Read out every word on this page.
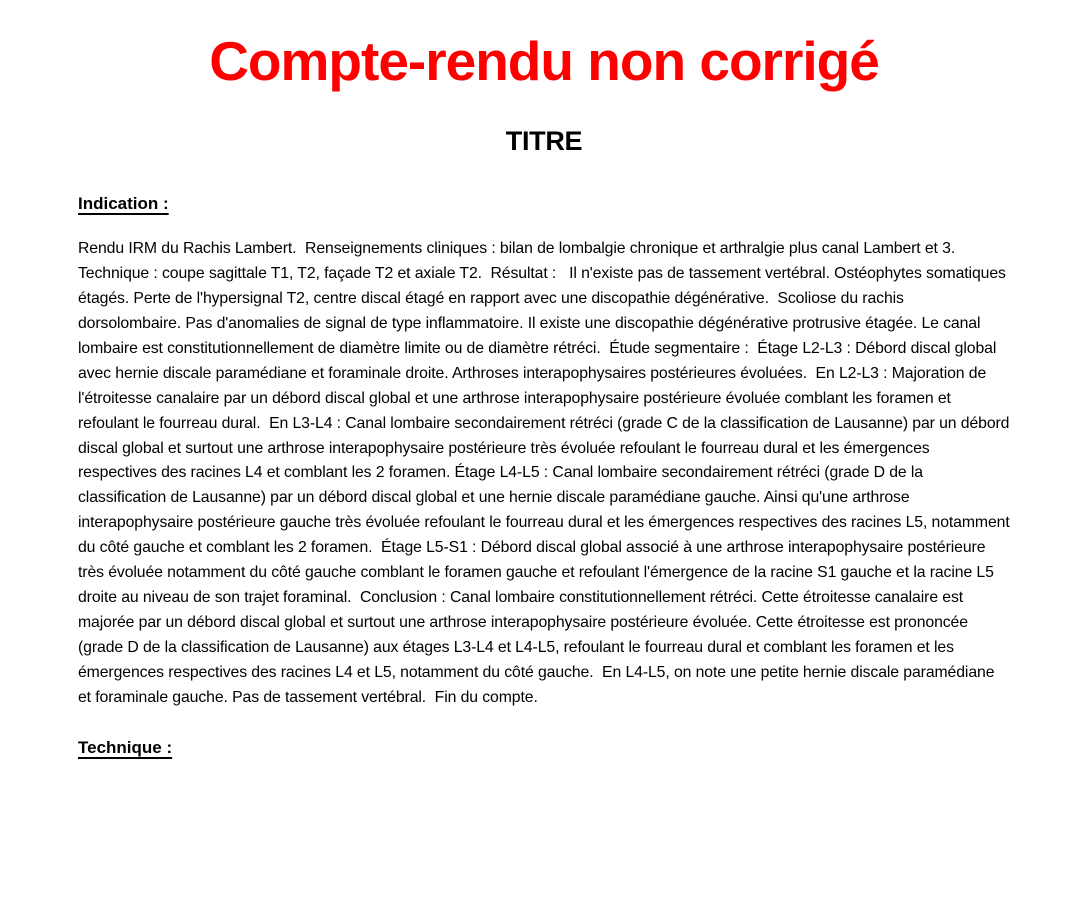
Compte-rendu non corrigé
TITRE
Indication :

Rendu IRM du Rachis Lambert.  Renseignements cliniques : bilan de lombalgie chronique et arthralgie plus canal Lambert et 3.  Technique : coupe sagittale T1, T2, façade T2 et axiale T2.  Résultat :   Il n'existe pas de tassement vertébral. Ostéophytes somatiques étagés. Perte de l'hypersignal T2, centre discal étagé en rapport avec une discopathie dégénérative.  Scoliose du rachis dorsolombaire. Pas d'anomalies de signal de type inflammatoire. Il existe une discopathie dégénérative protrusive étagée. Le canal lombaire est constitutionnellement de diamètre limite ou de diamètre rétréci.  Étude segmentaire :  Étage L2-L3 : Débord discal global avec hernie discale paramédiane et foraminale droite. Arthroses interapophysaires postérieures évoluées.  En L2-L3 : Majoration de l'étroitesse canalaire par un débord discal global et une arthrose interapophysaire postérieure évoluée comblant les foramen et refoulant le fourreau dural.  En L3-L4 : Canal lombaire secondairement rétréci (grade C de la classification de Lausanne) par un débord discal global et surtout une arthrose interapophysaire postérieure très évoluée refoulant le fourreau dural et les émergences respectives des racines L4 et comblant les 2 foramen. Étage L4-L5 : Canal lombaire secondairement rétréci (grade D de la classification de Lausanne) par un débord discal global et une hernie discale paramédiane gauche. Ainsi qu'une arthrose interapophysaire postérieure gauche très évoluée refoulant le fourreau dural et les émergences respectives des racines L5, notamment du côté gauche et comblant les 2 foramen.  Étage L5-S1 : Débord discal global associé à une arthrose interapophysaire postérieure très évoluée notamment du côté gauche comblant le foramen gauche et refoulant l'émergence de la racine S1 gauche et la racine L5 droite au niveau de son trajet foraminal.  Conclusion : Canal lombaire constitutionnellement rétréci. Cette étroitesse canalaire est majorée par un débord discal global et surtout une arthrose interapophysaire postérieure évoluée. Cette étroitesse est prononcée (grade D de la classification de Lausanne) aux étages L3-L4 et L4-L5, refoulant le fourreau dural et comblant les foramen et les émergences respectives des racines L4 et L5, notamment du côté gauche.  En L4-L5, on note une petite hernie discale paramédiane et foraminale gauche. Pas de tassement vertébral.  Fin du compte.

Technique :
